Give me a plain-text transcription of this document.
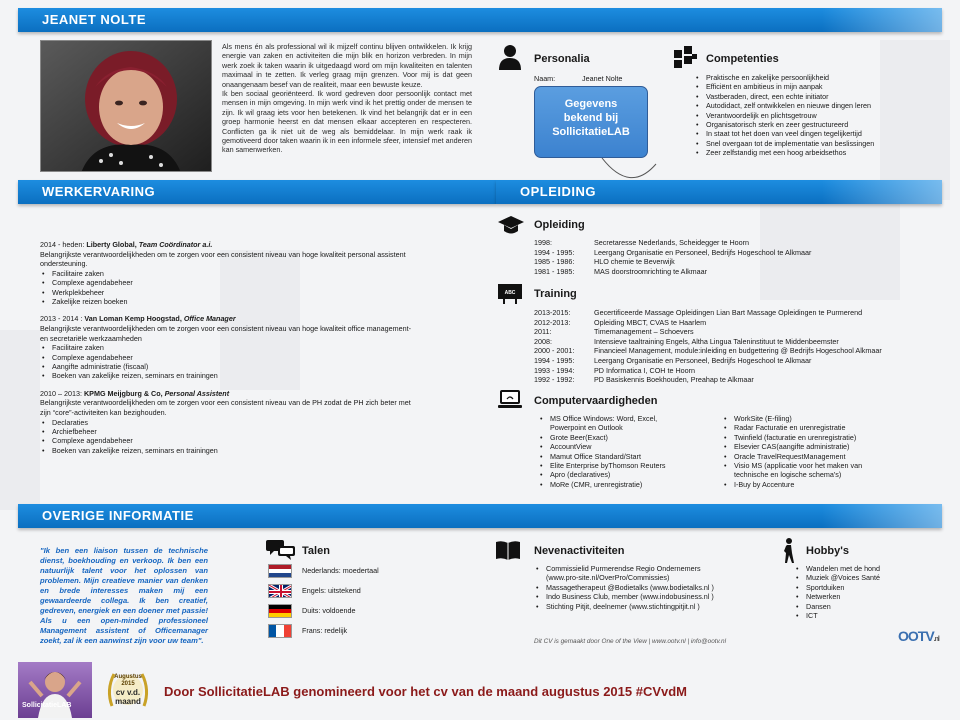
JEANET NOLTE

Als mens én als professional wil ik mijzelf continu blijven ontwikkelen. Ik krijg energie van zaken en activiteiten die mijn blik en horizon verbreden. In mijn werk zoek ik taken waarin ik uitgedaagd word om mijn kwaliteiten en talenten maximaal in te zetten. Ik verleg graag mijn grenzen. Voor mij is dat geen onaangenaam besef van de realiteit, maar een bewuste keuze.

Ik ben sociaal georiënteerd. Ik word gedreven door persoonlijk contact met mensen in mijn omgeving. In mijn werk vind ik het prettig onder de mensen te zijn. Ik wil graag iets voor hen betekenen. Ik vind het belangrijk dat er in een groep harmonie heerst en dat mensen elkaar accepteren en respecteren. Conflicten ga ik niet uit de weg als bemiddelaar. In mijn werk raak ik gemotiveerd door taken waarin ik in een informele sfeer, intensief met anderen kan samenwerken.

Personalia
Naam:	Jeanet Nolte
Gegevens
bekend bij
SollicitatieLAB
Competenties
• Praktische en zakelijke persoonlijkheid
• Efficiënt en ambitieus in mijn aanpak
• Vastberaden, direct, een echte initiator
• Autodidact, zelf ontwikkelen en nieuwe dingen leren
• Verantwoordelijk en plichtsgetrouw
• Organisatorisch sterk en zeer gestructureerd
• In staat tot het doen van veel dingen tegelijkertijd
• Snel overgaan tot de implementatie van beslissingen
• Zeer zelfstandig met een hoog arbeidsethos
WERKERVARING	OPLEIDING
2014 - heden: Liberty Global, Team Coördinator a.i.
Belangrijkste verantwoordelijkheden om te zorgen voor een consistent niveau van hoge kwaliteit personal assistent ondersteuning.
• Facilitaire zaken
• Complexe agendabeheer
• Werkplekbeheer
• Zakelijke reizen boeken
2013 - 2014 : Van Loman Kemp Hoogstad, Office Manager
Belangrijkste verantwoordelijkheden om te zorgen voor een consistent niveau van hoge kwaliteit office management- en secretariële werkzaamheden
• Facilitaire zaken
• Complexe agendabeheer
• Aangifte administratie (fiscaal)
• Boeken van zakelijke reizen, seminars en trainingen
2010 – 2013: KPMG Meijgburg & Co, Personal Assistent
Belangrijkste verantwoordelijkheden om te zorgen voor een consistent niveau van de PH zodat de PH zich beter met zijn “core”-activiteiten kan bezighouden.
• Declaraties
• Archiefbeheer
• Complexe agendabeheer
• Boeken van zakelijke reizen, seminars en trainingen
Opleiding
1998:	Secretaresse Nederlands, Scheidegger te Hoorn
1994 - 1995:	Leergang Organisatie en Personeel, Bedrijfs Hogeschool te Alkmaar
1985 - 1986:	HLO chemie te Beverwijk
1981 - 1985:	MAS doorstroomrichting te Alkmaar
ABC Training
2013-2015:	Gecertificeerde Massage Opleidingen Lian Bart Massage Opleidingen te Purmerend
2012-2013:	Opleiding MBCT, CVAS te Haarlem
2011:	Timemanagement – Schoevers
2008:	Intensieve taaltraining Engels, Altha Lingua Taleninstituut te Middenbeemster
2000 - 2001:	Financieel Management, module:inleiding en budgettering @ Bedrijfs Hogeschool Alkmaar
1994 - 1995:	Leergang Organisatie en Personeel, Bedrijfs Hogeschool te Alkmaar
1993 - 1994:	PD Informatica I, COH te Hoorn
1992 - 1992:	PD Basiskennis Boekhouden, Preahap te Alkmaar
Computervaardigheden
• MS Office Windows: Word, Excel,
Powerpoint en Outlook
• Grote Beer(Exact)
• AccountView
• Mamut Office Standard/Start
• Elite Enterprise byThomson Reuters
• Apro (declaratives)
• MoRe (CMR, urenregistratie)
• WorkSite (E-filing)
• Radar Facturatie en urenregistratie
• Twinfield (facturatie en urenregistratie)
• Elsevier CAS(aangifte administratie)
• Oracle TravelRequestManagement
• Visio MS (applicatie voor het maken van
technische en logische schema's)
• I-Buy by Accenture
OVERIGE INFORMATIE
"Ik ben een liaison tussen de technische dienst, boekhouding en verkoop. Ik ben een natuurlijk talent voor het oplossen van problemen. Mijn creatieve manier van denken en brede interesses maken mij een gewaardeerde collega. Ik ben creatief, gedreven, energiek en een doener met passie! Als u een open-minded professioneel Management assistent of Officemanager zoekt, zal ik een aanwinst zijn voor uw team".
Talen
Nederlands: moedertaal
Engels: uitstekend
Duits: voldoende
Frans: redelijk
Nevenactiviteiten
• Commissielid Purmerendse Regio Ondernemers
(www.pro-site.nl/OverPro/Commissies)
• Massagetherapeut @Bodietalks (www.bodietalks.nl )
• Indo Business Club, member (www.indobusiness.nl )
• Stichting Pitjit, deelnemer (www.stichtingpitjit.nl )
Dit CV is gemaakt door One of the View | www.ootv.nl | info@ootv.nl
Hobby's
• Wandelen met de hond
• Muziek @Voices Santé
• Sportduiken
• Netwerken
• Dansen
• ICT
OOTV.nl
SollicitatieLAB
Augustus
2015
cv v.d.
maand
Door SollicitatieLAB genomineerd voor het cv van de maand augustus 2015 #CVvdM
